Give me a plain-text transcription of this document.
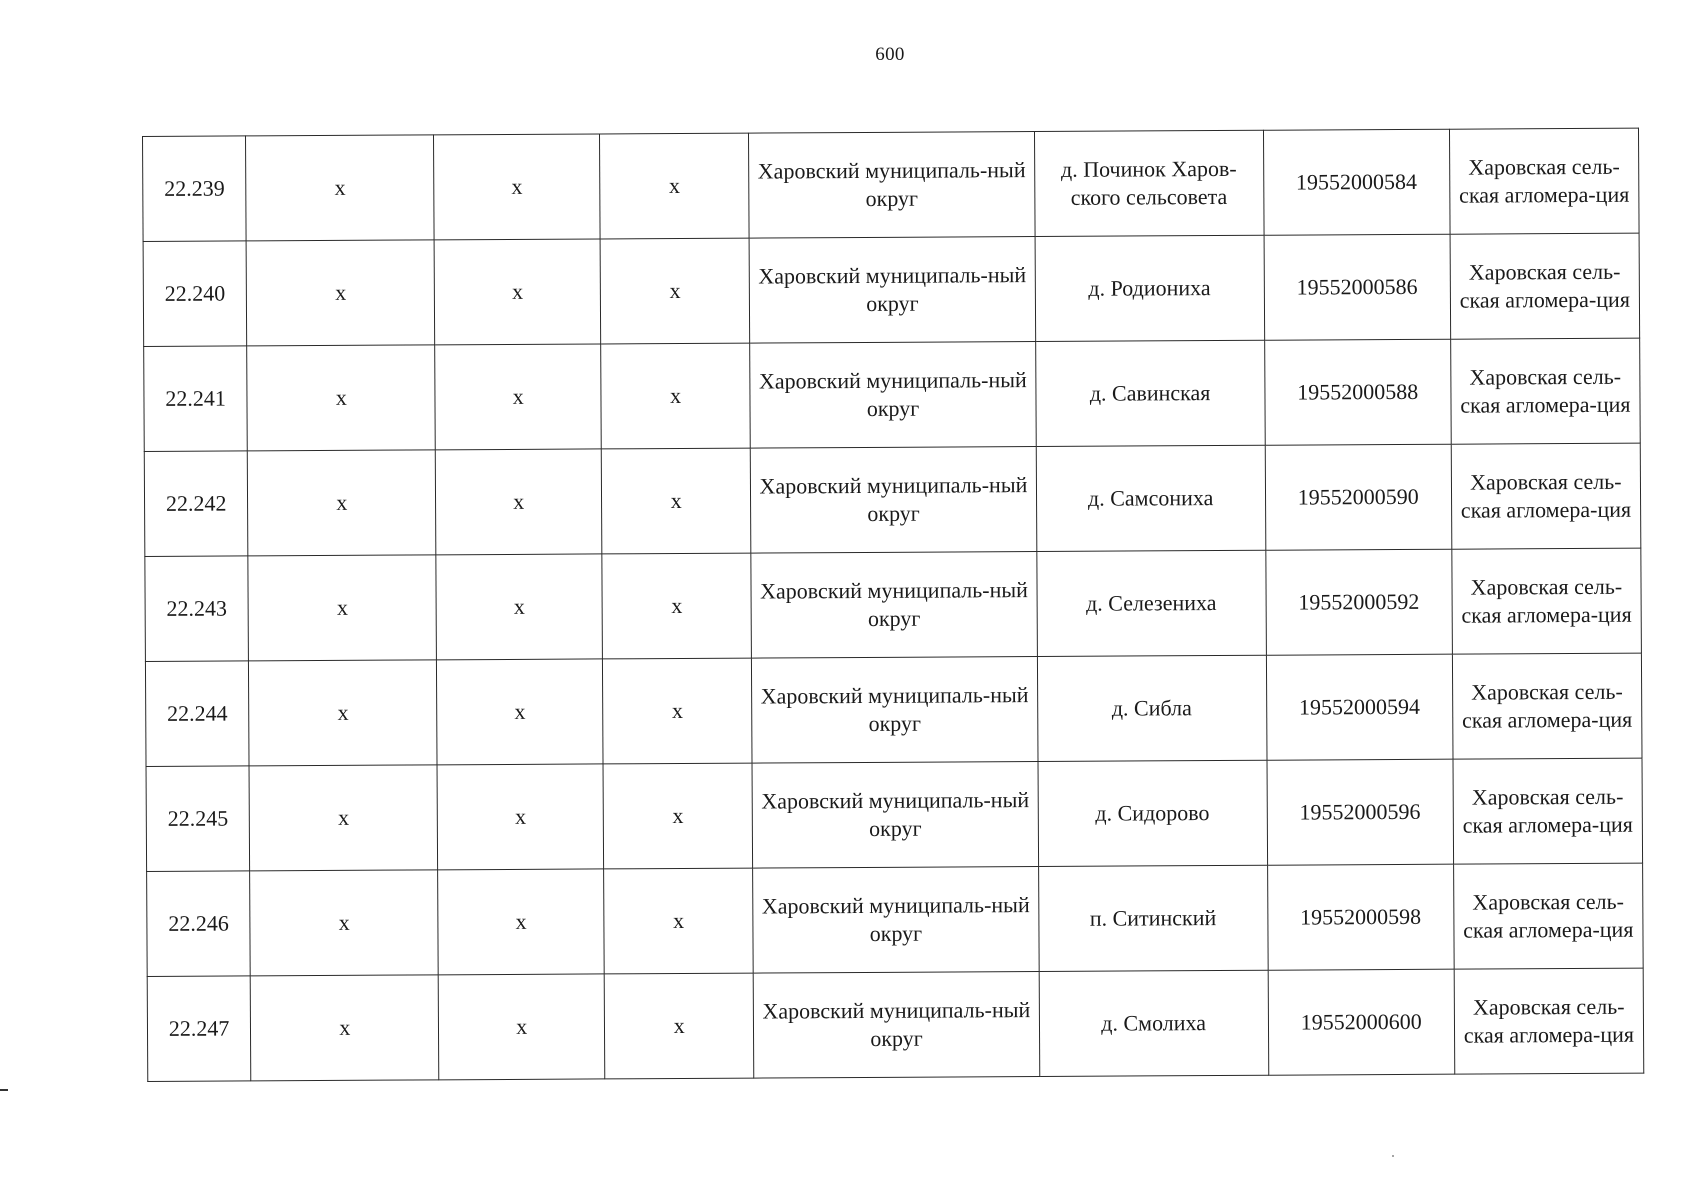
600
22.239	х	х	х	Харовский муниципаль-ный округ	д. Починок Харов-ского сельсовета	19552000584	Харовская сель-ская агломера-ция
22.240	х	х	х	Харовский муниципаль-ный округ	д. Родиониха	19552000586	Харовская сель-ская агломера-ция
22.241	х	х	х	Харовский муниципаль-ный округ	д. Савинская	19552000588	Харовская сель-ская агломера-ция
22.242	х	х	х	Харовский муниципаль-ный округ	д. Самсониха	19552000590	Харовская сель-ская агломера-ция
22.243	х	х	х	Харовский муниципаль-ный округ	д. Селезениха	19552000592	Харовская сель-ская агломера-ция
22.244	х	х	х	Харовский муниципаль-ный округ	д. Сибла	19552000594	Харовская сель-ская агломера-ция
22.245	х	х	х	Харовский муниципаль-ный округ	д. Сидорово	19552000596	Харовская сель-ская агломера-ция
22.246	х	х	х	Харовский муниципаль-ный округ	п. Ситинский	19552000598	Харовская сель-ская агломера-ция
22.247	х	х	х	Харовский муниципаль-ный округ	д. Смолиха	19552000600	Харовская сель-ская агломера-ция
